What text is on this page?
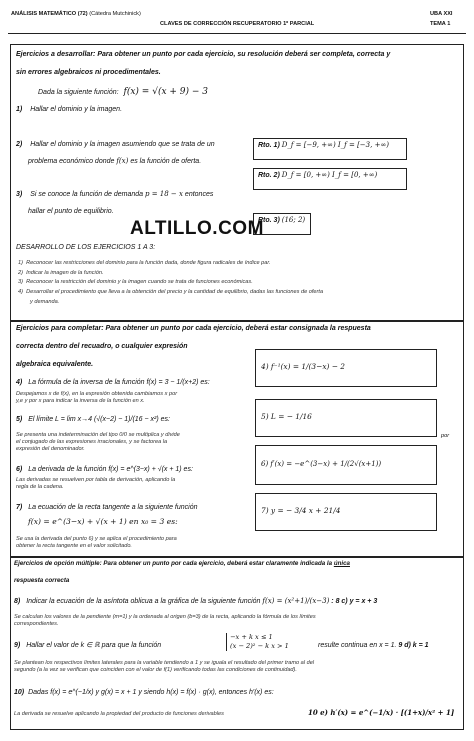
ANÁLISIS MATEMÁTICO (72) (Cátedra Mutchinick)
CLAVES DE CORRECCIÓN RECUPERATORIO 1º PARCIAL
UBA XXI
TEMA 1
Ejercicios a desarrollar: Para obtener un punto por cada ejercicio, su resolución deberá ser completa, correcta y
sin errores algebraicos ni procedimentales.
Dada la siguiente función: f(x) = √(x + 9) − 3
1) Hallar el dominio y la imagen.
2) Hallar el dominio y la imagen asumiendo que se trata de un
problema económico donde f(x) es la función de oferta.
3) Si se conoce la función de demanda p = 18 − x entonces
hallar el punto de equilibrio.
Rto. 1) D_f = [−9, +∞) I_f = [−3, +∞)
Rto. 2) D_f = [0, +∞) I_f = [0, +∞)
Rto. 3) (16; 2)
ALTILLO.COM
DESARROLLO DE LOS EJERCICIOS 1 A 3:
1) Reconocer las restricciones del dominio para la función dada, donde figura radicales de índice par.
2) Indicar la imagen de la función.
3) Reconocer la restricción del dominio y la imagen cuando se trata de funciones económicas.
4) Desarrollar el procedimiento que lleva a la obtención del precio y la cantidad de equilibrio, dadas las funciones de oferta
y demanda.
Ejercicios para completar: Para obtener un punto por cada ejercicio, deberá estar consignada la respuesta
correcta dentro del recuadro, o cualquier expresión
algebraica equivalente.
4) La fórmula de la inversa de la función f(x) = 3 − 1/(x+2) es:
Despejamos x de f(x), en la expresión obtenida cambiamos x por
y,e y por x para indicar la inversa de la función en x.
5) El límite L = lim x→4 (√(x−2) − 1)/(16 − x²) es:
Se presenta una indeterminación del tipo 0/0 se multiplica y divide
el conjugado de las expresiones irracionales, y se factorea la
expresión del denominador.
por
6) La derivada de la función f(x) = e^(3−x) + √(x + 1) es:
Las derivadas se resuelven por tabla de derivación, aplicando la
regla de la cadena.
7) La ecuación de la recta tangente a la siguiente función
f(x) = e^(3−x) + √(x + 1) en x₀ = 3 es:
Se usa la derivada del punto 6) y se aplica el procedimiento para
obtener la recta tangente en el valor solicitado.
4) f⁻¹(x) = 1/(3−x) − 2
5) L = − 1/16
6) f′(x) = −e^(3−x) + 1/(2√(x+1))
7) y = − 3/4 x + 21/4
Ejercicios de opción múltiple: Para obtener un punto por cada ejercicio, deberá estar claramente indicada la única
respuesta correcta
8) Indicar la ecuación de la asíntota oblicua a la gráfica de la siguiente función f(x) = (x²+1)/(x−3) : 8 c) y = x + 3
Se calculan los valores de la pendiente (m=1) y la ordenada al origen (b=3) de la recta, aplicando la fórmula de los límites
correspondientes.
9) Hallar el valor de k ∈ ℝ para que la función
−x + k x ≤ 1
(x − 2)² − k x > 1	resulte continua en x = 1. 9 d) k = 1
Se plantean los respectivos límites laterales para la variable tendiendo a 1 y se iguala el resultado del primer tramo al del
segundo (a la vez se verifican que coinciden con el valor de f(1) verificando todas las condiciones de continuidad).
10) Dadas f(x) = e^(−1/x) y g(x) = x + 1 y siendo h(x) = f(x) · g(x), entonces h′(x) es:
La derivada se resuelve aplicando la propiedad del producto de funciones derivables	10 e) h′(x) = e^(−1/x) · [(1+x)/x² + 1]
